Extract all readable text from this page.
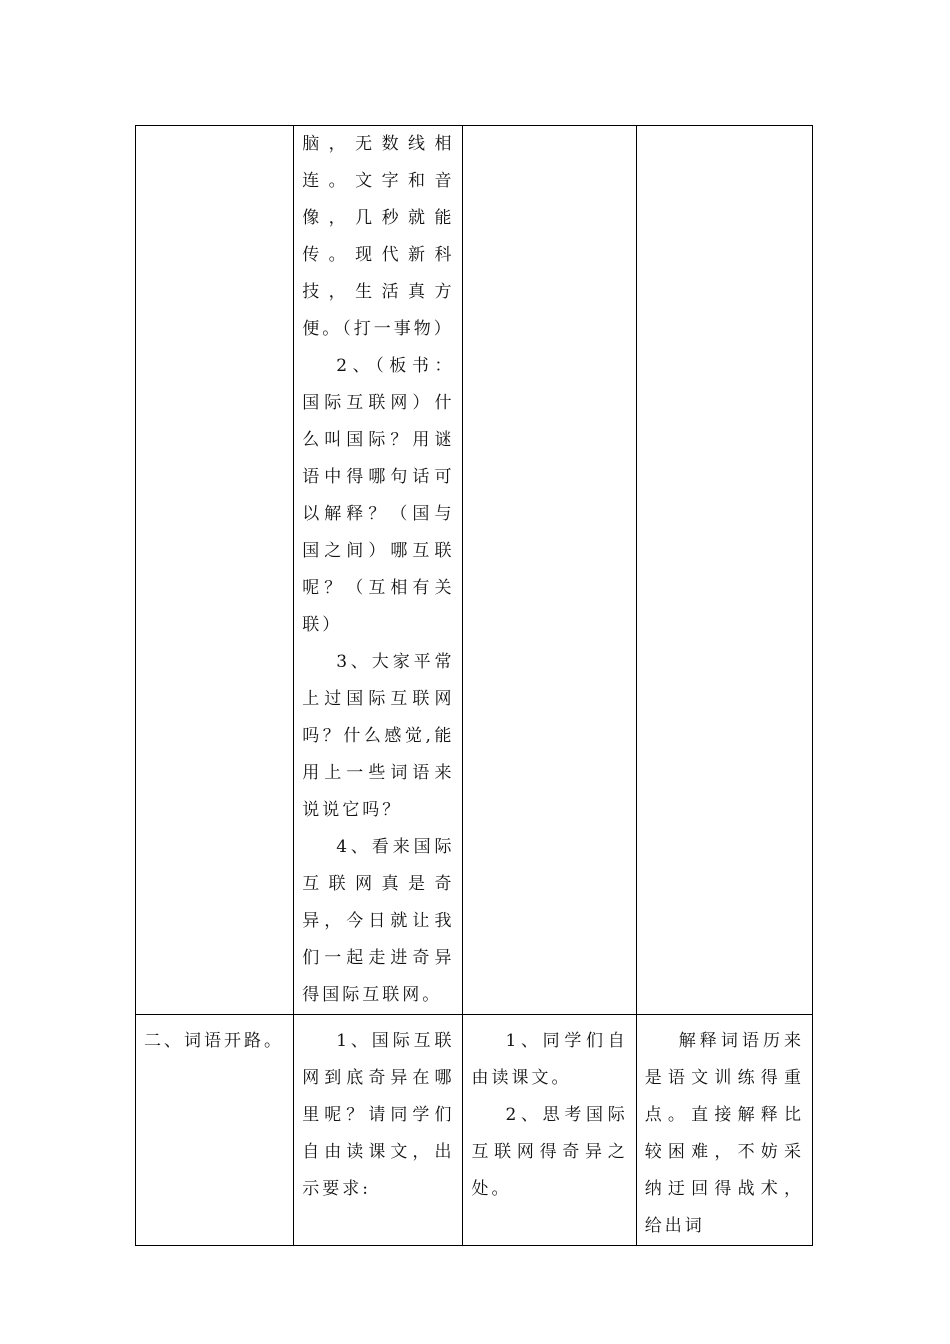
	脑，无数线相连。文字和音像，几秒就能传。现代新科技，生活真方便。（打一事物）

2、（板书：国际互联网）什么叫国际？用谜语中得哪句话可以解释？（国与国之间）哪互联呢？（互相有关联）

3、大家平常上过国际互联网吗？什么感觉,能用上一些词语来说说它吗？

4、看来国际互联网真是奇异，今日就让我们一起走进奇异得国际互联网。		

二、词语开路。	1、国际互联网到底奇异在哪里呢？请同学们自由读课文，出示要求:	1、同学们自由读课文。

2、思考国际互联网得奇异之处。	解释词语历来是语文训练得重点。直接解释比较困难，不妨采纳迂回得战术，给出词
